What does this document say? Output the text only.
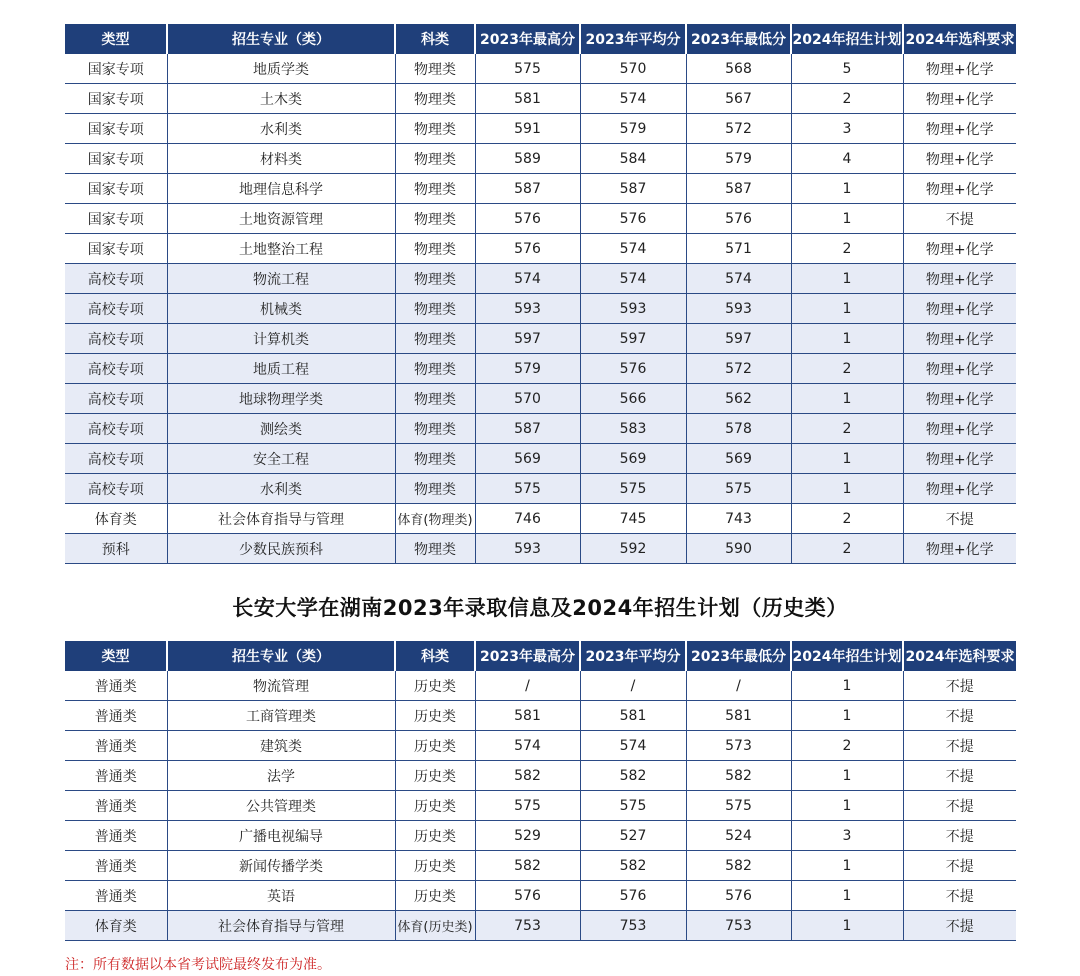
类型	招生专业（类）	科类	2023年最高分	2023年平均分	2023年最低分	2024年招生计划	2024年选科要求
国家专项	地质学类	物理类	575	570	568	5	物理+化学
国家专项	土木类	物理类	581	574	567	2	物理+化学
国家专项	水利类	物理类	591	579	572	3	物理+化学
国家专项	材料类	物理类	589	584	579	4	物理+化学
国家专项	地理信息科学	物理类	587	587	587	1	物理+化学
国家专项	土地资源管理	物理类	576	576	576	1	不提
国家专项	土地整治工程	物理类	576	574	571	2	物理+化学
高校专项	物流工程	物理类	574	574	574	1	物理+化学
高校专项	机械类	物理类	593	593	593	1	物理+化学
高校专项	计算机类	物理类	597	597	597	1	物理+化学
高校专项	地质工程	物理类	579	576	572	2	物理+化学
高校专项	地球物理学类	物理类	570	566	562	1	物理+化学
高校专项	测绘类	物理类	587	583	578	2	物理+化学
高校专项	安全工程	物理类	569	569	569	1	物理+化学
高校专项	水利类	物理类	575	575	575	1	物理+化学
体育类	社会体育指导与管理	体育(物理类)	746	745	743	2	不提
预科	少数民族预科	物理类	593	592	590	2	物理+化学
长安大学在湖南2023年录取信息及2024年招生计划（历史类）
类型	招生专业（类）	科类	2023年最高分	2023年平均分	2023年最低分	2024年招生计划	2024年选科要求
普通类	物流管理	历史类	/	/	/	1	不提
普通类	工商管理类	历史类	581	581	581	1	不提
普通类	建筑类	历史类	574	574	573	2	不提
普通类	法学	历史类	582	582	582	1	不提
普通类	公共管理类	历史类	575	575	575	1	不提
普通类	广播电视编导	历史类	529	527	524	3	不提
普通类	新闻传播学类	历史类	582	582	582	1	不提
普通类	英语	历史类	576	576	576	1	不提
体育类	社会体育指导与管理	体育(历史类)	753	753	753	1	不提
注：所有数据以本省考试院最终发布为准。
